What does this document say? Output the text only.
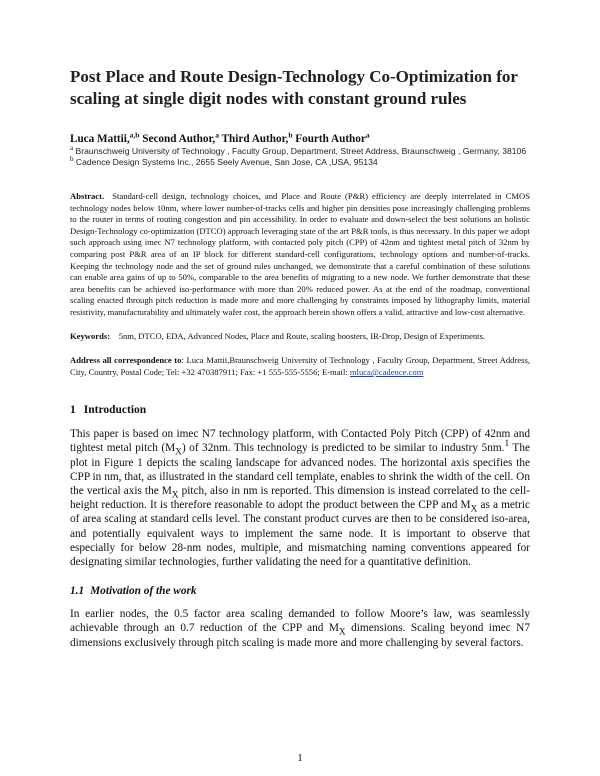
Post Place and Route Design-Technology Co-Optimization for
scaling at single digit nodes with constant ground rules

Luca Mattii,$^{a,b}$ Second Author,$^a$ Third Author,$^b$ Fourth Author$^a$

$^a$ Braunschweig University of Technology , Faculty Group, Department, Street Address, Braunschweig , Germany, 38106

$^b$ Cadence Design Systems Inc., 2655 Seely Avenue, San Jose, CA ,USA, 95134

Abstract. Standard-cell design, technology choices, and Place and Route (P&R) efficiency are deeply interrelated in CMOS technology nodes below 10nm, where lower number-of-tracks cells and higher pin densities pose increasingly challenging problems to the router in terms of routing congestion and pin accessibility. In order to evaluate and down-select the best solutions an holistic Design-Technology co-optimization (DTCO) approach leveraging state of the art P&R tools, is thus necessary. In this paper we adopt such approach using imec N7 technology platform, with contacted poly pitch (CPP) of 42nm and tightest metal pitch of 32nm by comparing post P&R area of an IP block for different standard-cell configurations, technology options and number-of-tracks. Keeping the technology node and the set of ground rules unchanged, we demonstrate that a careful combination of these solutions can enable area gains of up to 50%, comparable to the area benefits of migrating to a new node. We further demonstrate that these area benefits can be achieved iso-performance with more than 20% reduced power. As at the end of the roadmap, conventional scaling enacted through pitch reduction is made more and more challenging by constraints imposed by lithography limits, material resistivity, manufacturability and ultimately wafer cost, the approach herein shown offers a valid, attractive and low-cost alternative.

Keywords: 5nm, DTCO, EDA, Advanced Nodes, Place and Route, scaling boosters, IR-Drop, Design of Experiments.

Address all correspondence to: Luca Mattii,Braunschweig University of Technology , Faculty Group, Department, Street Address, City, Country, Postal Code; Tel: +32 470387911; Fax: +1 555-555-5556; E-mail: mluca@cadence.com

1 Introduction

This paper is based on imec N7 technology platform, with Contacted Poly Pitch (CPP) of 42nm and tightest metal pitch $(M_X)$ of 32nm. This technology is predicted to be similar to industry 5nm.$^1$ The plot in Figure 1 depicts the scaling landscape for advanced nodes. The horizontal axis specifies the CPP in nm, that, as illustrated in the standard cell template, enables to shrink the width of the cell. On the vertical axis the $M_X$ pitch, also in nm is reported. This dimension is instead correlated to the cell-height reduction. It is therefore reasonable to adopt the product between the CPP and $M_X$ as a metric of area scaling at standard cells level. The constant product curves are then to be considered iso-area, and potentially equivalent ways to implement the same node. It is important to observe that especially for below 28-nm nodes, multiple, and mismatching naming conventions appeared for designating similar technologies, further validating the need for a quantitative definition.

1.1 Motivation of the work

In earlier nodes, the 0.5 factor area scaling demanded to follow Moore’s law, was seamlessly achievable through an 0.7 reduction of the CPP and $M_X$ dimensions. Scaling beyond imec N7 dimensions exclusively through pitch scaling is made more and more challenging by several factors.

1
